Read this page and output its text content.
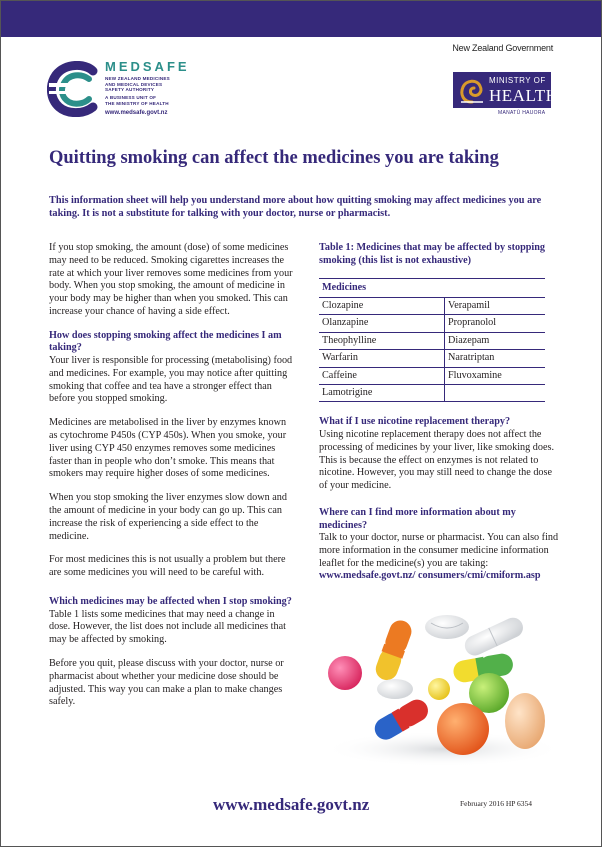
New Zealand Government
MEDSAFE
NEW ZEALAND MEDICINES
AND MEDICAL DEVICES
SAFETY AUTHORITY
A BUSINESS UNIT OF
THE MINISTRY OF HEALTH
www.medsafe.govt.nz
MINISTRY OF
HEALTH
MANATŪ HAUORA
Quitting smoking can affect the medicines you are taking

This information sheet will help you understand more about how quitting smoking may affect medicines you are taking. It is not a substitute for talking with your doctor, nurse or pharmacist.

If you stop smoking, the amount (dose) of some medicines may need to be reduced. Smoking cigarettes increases the rate at which your liver removes some medicines from your body. When you stop smoking, the amount of medicine in your body may be higher than when you smoked. This can increase your chance of having a side effect.

How does stopping smoking affect the medicines I am taking?

Your liver is responsible for processing (metabolising) food and medicines. For example, you may notice after quitting smoking that coffee and tea have a stronger effect than before you stopped smoking.

Medicines are metabolised in the liver by enzymes known as cytochrome P450s (CYP 450s). When you smoke, your liver using CYP 450 enzymes removes some medicines faster than in people who don’t smoke. This means that smokers may require higher doses of some medicines.

When you stop smoking the liver enzymes slow down and the amount of medicine in your body can go up. This can increase the risk of experiencing a side effect to the medicine.

For most medicines this is not usually a problem but there are some medicines you will need to be careful with.

Which medicines may be affected when I stop smoking?

Table 1 lists some medicines that may need a change in dose. However, the list does not include all medicines that may be affected by smoking.

Before you quit, please discuss with your doctor, nurse or pharmacist about whether your medicine dose should be adjusted. This way you can make a plan to make changes safely.

Table 1: Medicines that may be affected by stopping smoking (this list is not exhaustive)

Medicines	
Clozapine	Verapamil
Olanzapine	Propranolol
Theophylline	Diazepam
Warfarin	Naratriptan
Caffeine	Fluvoxamine
Lamotrigine	
What if I use nicotine replacement therapy?

Using nicotine replacement therapy does not affect the processing of medicines by your liver, like smoking does. This is because the effect on enzymes is not related to nicotine. However, you may still need to change the dose of your medicine.

Where can I find more information about my medicines?

Talk to your doctor, nurse or pharmacist. You can also find more information in the consumer medicine information leaflet for the medicine(s) you are taking: www.medsafe.govt.nz/ consumers/cmi/cmiform.asp

www.medsafe.govt.nz	February 2016 HP 6354
